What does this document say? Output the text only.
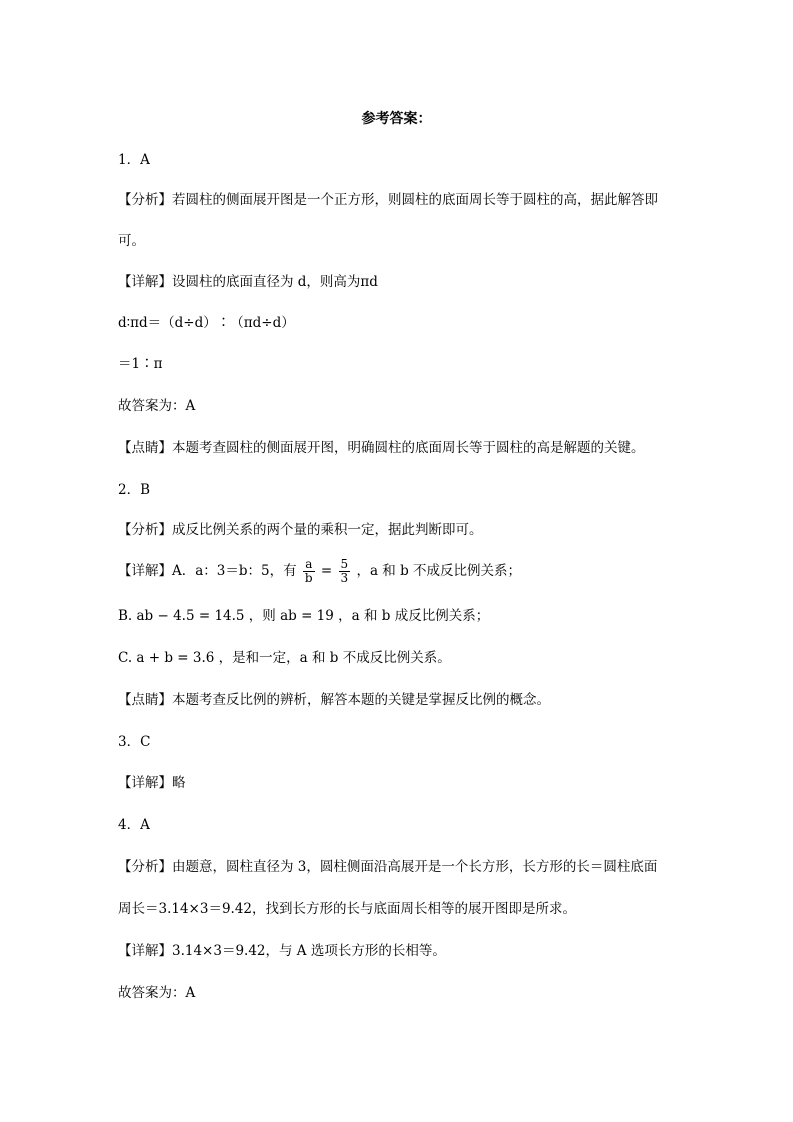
参考答案：
1．A
【分析】若圆柱的侧面展开图是一个正方形，则圆柱的底面周长等于圆柱的高，据此解答即
可。
【详解】设圆柱的底面直径为 d，则高为πd
d∶πd＝（d÷d）∶（πd÷d）
＝1∶π
故答案为：A
【点睛】本题考查圆柱的侧面展开图，明确圆柱的底面周长等于圆柱的高是解题的关键。
2．B
【分析】成反比例关系的两个量的乘积一定，据此判断即可。
【详解】A．a：3＝b：5，有 $\frac{a}{b} = \frac{5}{3}$ ，a 和 b 不成反比例关系；
B. ab − 4.5 = 14.5 ，则 ab = 19 ，a 和 b 成反比例关系；
C. a + b = 3.6 ，是和一定，a 和 b 不成反比例关系。
【点睛】本题考查反比例的辨析，解答本题的关键是掌握反比例的概念。
3．C
【详解】略
4．A
【分析】由题意，圆柱直径为 3，圆柱侧面沿高展开是一个长方形，长方形的长＝圆柱底面
周长＝3.14×3＝9.42，找到长方形的长与底面周长相等的展开图即是所求。
【详解】3.14×3＝9.42，与 A 选项长方形的长相等。
故答案为：A
